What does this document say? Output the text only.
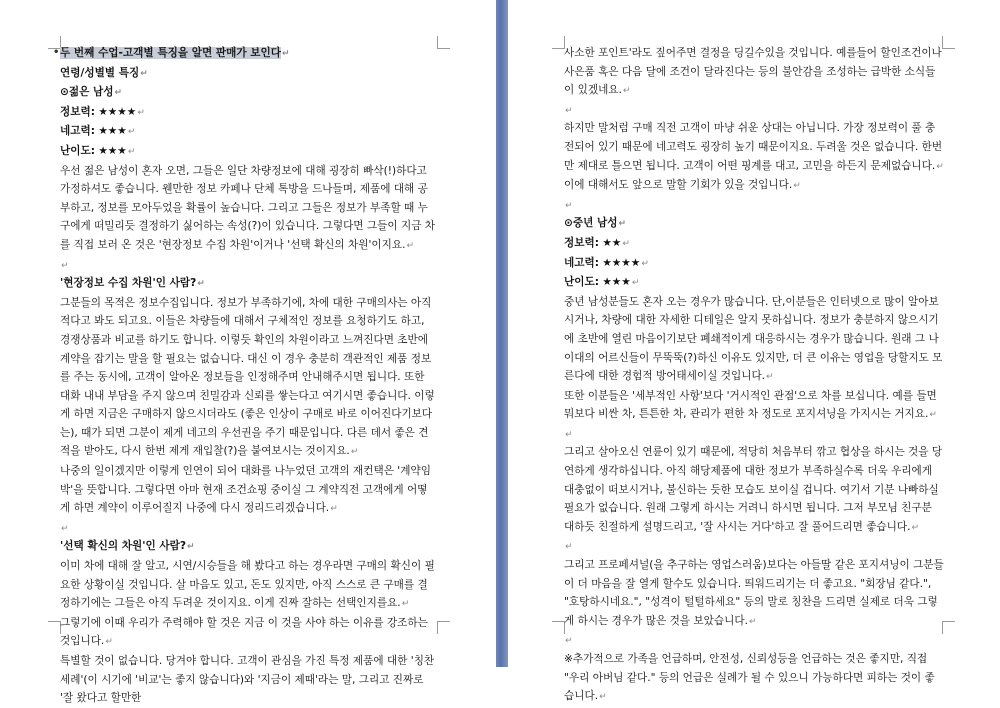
• 두 번째 수업-고객별 특징을 알면 판매가 보인다↵

연령/성별별 특징↵

⊙젊은 남성↵

정보력: ★★★★↵

네고력: ★★★↵

난이도: ★★★↵

우선 젊은 남성이 혼자 오면, 그들은 일단 차량정보에 대해 굉장히 빠삭(!)하다고 가정하셔도 좋습니다. 웬만한 정보 카페나 단체 톡방을 드나들며, 제품에 대해 공부하고, 정보를 모아두었을 확률이 높습니다. 그리고 그들은 정보가 부족할 때 누구에게 떠밀리듯 결정하기 싫어하는 속성(?)이 있습니다. 그렇다면 그들이 지금 차를 직접 보러 온 것은 '현장정보 수집 차원'이거나 '선택 확신의 차원'이지요.↵

↵

'현장정보 수집 차원'인 사람?↵

그분들의 목적은 정보수집입니다. 정보가 부족하기에, 차에 대한 구매의사는 아직 적다고 봐도 되고요. 이들은 차량들에 대해서 구체적인 정보를 요청하기도 하고, 경쟁상품과 비교를 하기도 합니다. 이렇듯 확인의 차원이라고 느껴진다면 초반에 계약을 잡기는 말을 할 필요는 없습니다. 대신 이 경우 충분히 객관적인 제품 정보를 주는 동시에, 고객이 알아온 정보들을 인정해주며 안내해주시면 됩니다. 또한 대화 내내 부담을 주지 않으며 친밀감과 신뢰를 쌓는다고 여기시면 좋습니다. 이렇게 하면 지금은 구매하지 않으시더라도 (좋은 인상이 구매로 바로 이어진다기보다는), 때가 되면 그분이 제게 네고의 우선권을 주기 때문입니다. 다른 데서 좋은 견적을 받아도, 다시 한번 제게 재입찰(?)을 붙여보시는 것이지요.↵

나중의 일이겠지만 이렇게 인연이 되어 대화를 나누었던 고객의 재컨택은 '계약임박'을 뜻합니다. 그렇다면 아마 현재 조건쇼핑 중이실 그 계약직전 고객에게 어떻게 하면 계약이 이루어질지 나중에 다시 정리드리겠습니다.↵

↵

'선택 확신의 차원'인 사람?↵

이미 차에 대해 잘 알고, 시연/시승들을 해 봤다고 하는 경우라면 구매의 확신이 필요한 상황이실 것입니다. 살 마음도 있고, 돈도 있지만, 아직 스스로 큰 구매를 결정하기에는 그들은 아직 두려운 것이지요. 이게 진짜 잘하는 선택인지를요.↵

그렇기에 이때 우리가 주력해야 할 것은 지금 이 것을 사야 하는 이유를 강조하는 것입니다.↵

특별할 것이 없습니다. 당겨야 합니다. 고객이 관심을 가진 특정 제품에 대한 '칭찬세례'(이 시기에 '비교'는 좋지 않습니다)와 '지금이 제때'라는 말, 그리고 진짜로 '잘 왔다고 할만한

사소한 포인트'라도 짚어주면 결정을 딩길수있을 것입니다. 예를들어 할인조건이나 사은품 혹은 다음 달에 조건이 달라진다는 등의 불안감을 조성하는 급박한 소식들이 있겠네요.↵

↵

하지만 말처럼 구매 직전 고객이 마냥 쉬운 상대는 아닙니다. 가장 정보력이 풀 충전되어 있기 때문에 네고력도 굉장히 높기 때문이지요. 두려울 것은 없습니다. 한번만 제대로 틀으면 됩니다. 고객이 어떤 핑계를 대고, 고민을 하든지 문제없습니다.↵

이에 대해서도 앞으로 말할 기회가 있을 것입니다.↵

↵

⊙중년 남성↵

정보력: ★★↵

네고력: ★★★★↵

난이도: ★★★↵

중년 남성분들도 혼자 오는 경우가 많습니다. 단,이분들은 인터넷으로 많이 알아보시거나, 차량에 대한 자세한 디테일은 알지 못하십니다. 정보가 충분하지 않으시기에 초반에 열린 마음이기보단 폐쇄적이게 대응하시는 경우가 많습니다. 원래 그 나이대의 어르신들이 무뚝뚝(?)하신 이유도 있지만, 더 큰 이유는 영업을 당할지도 모른다에 대한 경험적 방어태세이실 것입니다.↵

또한 이분들은 '세부적인 사항'보다 '거시적인 관점'으로 차를 보십니다. 예를 들면 뭐보다 비싼 차, 튼튼한 차, 관리가 편한 차 정도로 포지셔닝을 가지시는 거지요.↵

↵

그리고 살아오신 연륜이 있기 때문에, 적당히 처음부터 깎고 협상을 하시는 것을 당연하게 생각하십니다. 아직 해당제품에 대한 정보가 부족하실수록 더욱 우리에게 대충없이 떠보시거나, 불신하는 듯한 모습도 보이실 겁니다. 여기서 기분 나빠하실 필요가 없습니다. 원래 그렇게 하시는 거려니 하시면 됩니다. 그저 부모님 친구분 대하듯 친절하게 설명드리고, '잘 사시는 거다'하고 잘 풀어드리면 좋습니다.↵

↵

그리고 프로페셔널(을 추구하는 영업스러움)보다는 아들딸 같은 포지셔닝이 그분들이 더 마음을 잘 열게 할수도 있습니다. 띄워드리기는 더 좋고요. "회장님 같다.", "호탕하시네요.", "성격이 털털하세요" 등의 말로 칭찬을 드리면 실제로 더욱 그렇게 하시는 경우가 많은 것을 보았습니다.↵

↵

※추가적으로 가족을 언급하며, 안전성, 신뢰성등을 언급하는 것은 좋지만, 직접 "우리 아버님 같다." 등의 언급은 실례가 될 수 있으니 가능하다면 피하는 것이 좋습니다.↵
